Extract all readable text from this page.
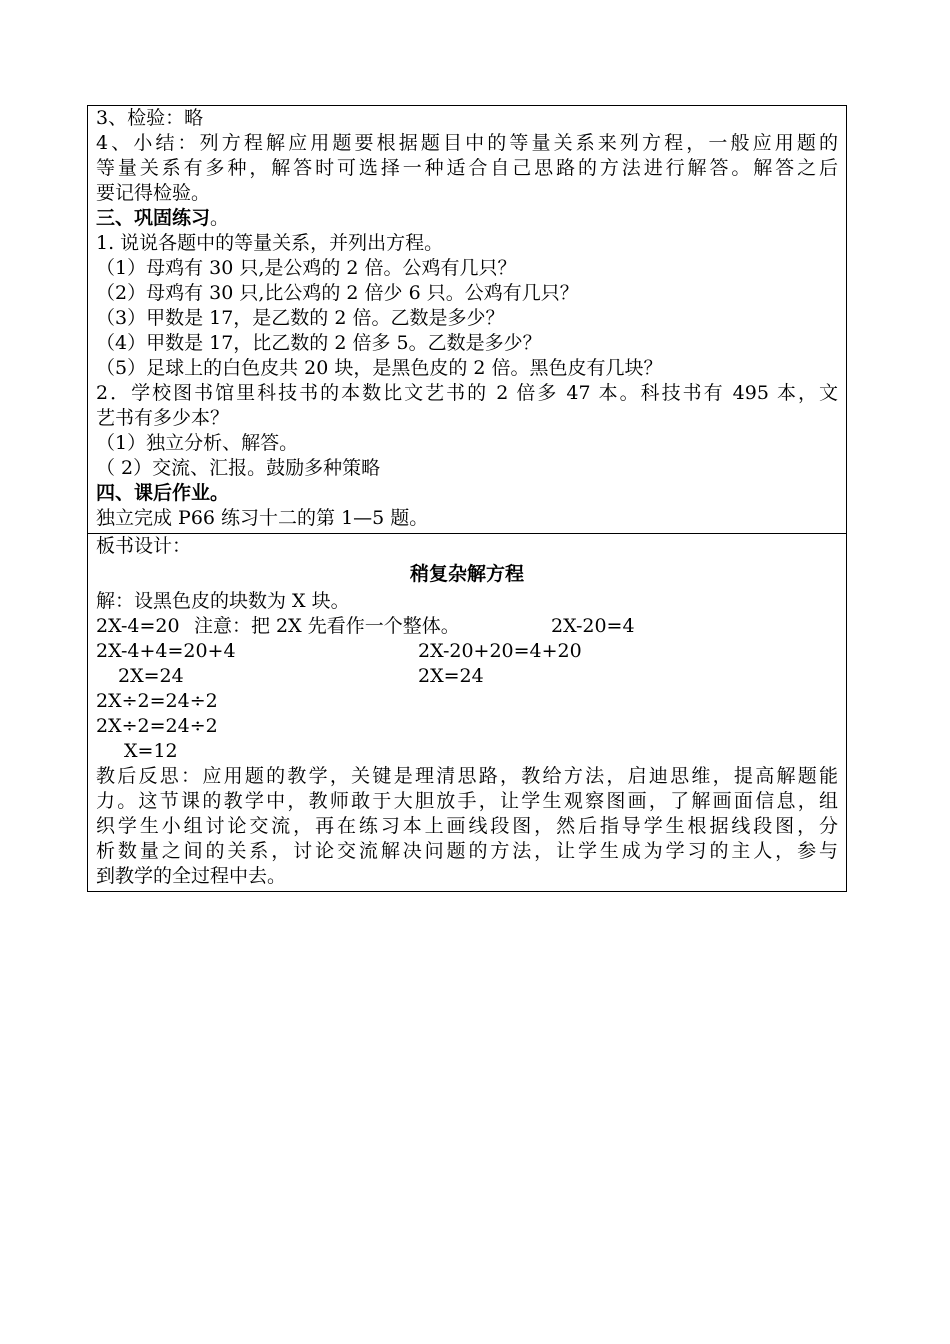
3、检验：略
4、小结：列方程解应用题要根据题目中的等量关系来列方程，一般应用题的
等量关系有多种，解答时可选择一种适合自己思路的方法进行解答。解答之后
要记得检验。
三、巩固练习。
1. 说说各题中的等量关系，并列出方程。
（1）母鸡有 30 只,是公鸡的 2 倍。公鸡有几只？
（2）母鸡有 30 只,比公鸡的 2 倍少 6 只。公鸡有几只？
（3）甲数是 17，是乙数的 2 倍。乙数是多少？
（4）甲数是 17，比乙数的 2 倍多 5。乙数是多少？
（5）足球上的白色皮共 20 块，是黑色皮的 2 倍。黑色皮有几块？
2．学校图书馆里科技书的本数比文艺书的 2 倍多 47 本。科技书有 495 本，文
艺书有多少本？
（1）独立分析、解答。
（ 2）交流、汇报。鼓励多种策略
四、课后作业。
独立完成 P66 练习十二的第 1—5 题。
板书设计：
稍复杂解方程
解：设黑色皮的块数为 X 块。
2X-4=20 注意：把 2X 先看作一个整体。	2X-20=4
2X-4+4=20+4	2X-20+20=4+20
2X=24	2X=24
2X÷2=24÷2
2X÷2=24÷2
X=12
教后反思：应用题的教学，关键是理清思路，教给方法，启迪思维，提高解题能
力。这节课的教学中，教师敢于大胆放手，让学生观察图画，了解画面信息，组
织学生小组讨论交流，再在练习本上画线段图，然后指导学生根据线段图，分
析数量之间的关系，讨论交流解决问题的方法，让学生成为学习的主人，参与
到教学的全过程中去。
